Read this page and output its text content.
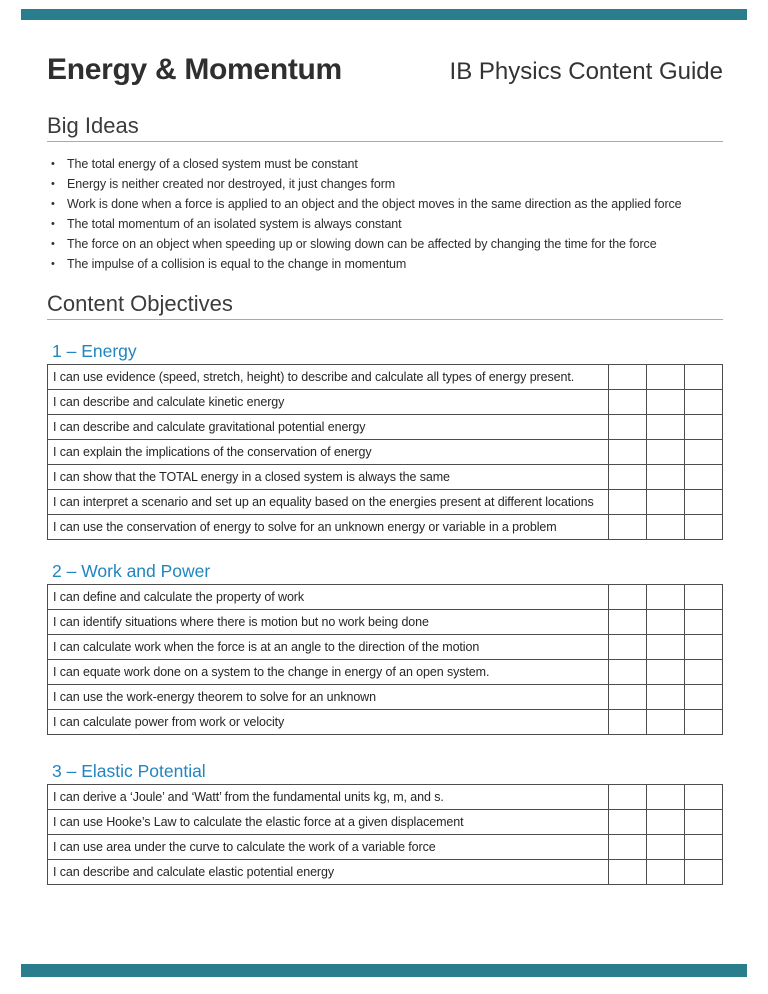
Energy & Momentum	IB Physics Content Guide
Big Ideas
• The total energy of a closed system must be constant
• Energy is neither created nor destroyed, it just changes form
• Work is done when a force is applied to an object and the object moves in the same direction as the applied force
• The total momentum of an isolated system is always constant
• The force on an object when speeding up or slowing down can be affected by changing the time for the force
• The impulse of a collision is equal to the change in momentum
Content Objectives
1 – Energy
I can use evidence (speed, stretch, height) to describe and calculate all types of energy present.			
I can describe and calculate kinetic energy			
I can describe and calculate gravitational potential energy			
I can explain the implications of the conservation of energy			
I can show that the TOTAL energy in a closed system is always the same			
I can interpret a scenario and set up an equality based on the energies present at different locations			
I can use the conservation of energy to solve for an unknown energy or variable in a problem			
2 – Work and Power
I can define and calculate the property of work			
I can identify situations where there is motion but no work being done			
I can calculate work when the force is at an angle to the direction of the motion			
I can equate work done on a system to the change in energy of an open system.			
I can use the work-energy theorem to solve for an unknown			
I can calculate power from work or velocity			
3 – Elastic Potential
I can derive a ‘Joule’ and ‘Watt’ from the fundamental units kg, m, and s.			
I can use Hooke’s Law to calculate the elastic force at a given displacement			
I can use area under the curve to calculate the work of a variable force			
I can describe and calculate elastic potential energy			
